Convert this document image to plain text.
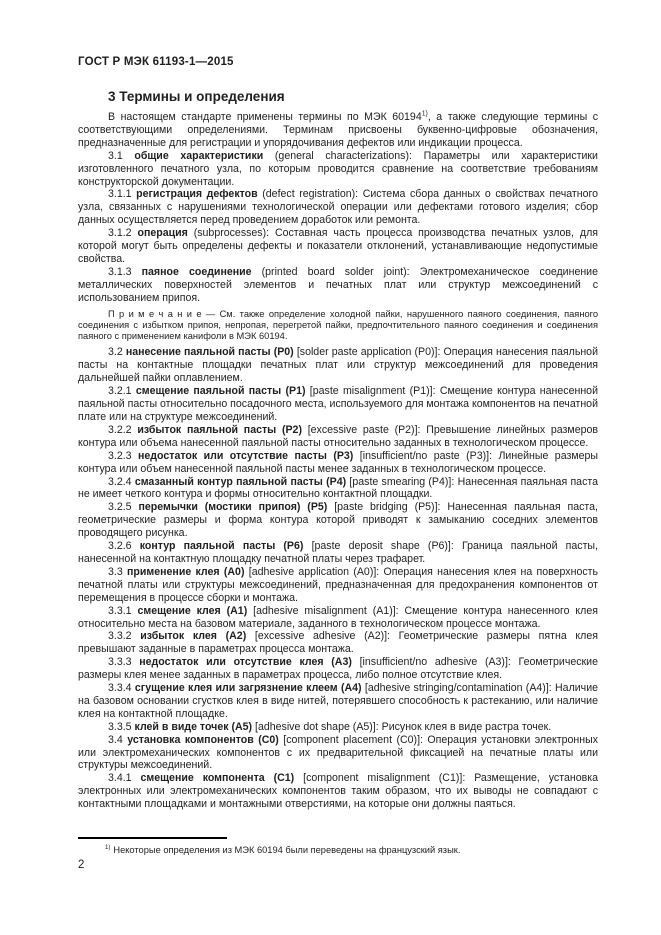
ГОСТ Р МЭК 61193-1—2015
3 Термины и определения

В настоящем стандарте применены термины по МЭК 60194$^{1)}$, а также следующие термины с соответствующими определениями. Терминам присвоены буквенно-цифровые обозначения, предназначенные для регистрации и упорядочивания дефектов или индикации процесса.

3.1 общие характеристики (general characterizations): Параметры или характеристики изготовленного печатного узла, по которым проводится сравнение на соответствие требованиям конструкторской документации.

3.1.1 регистрация дефектов (defect registration): Система сбора данных о свойствах печатного узла, связанных с нарушениями технологической операции или дефектами готового изделия; сбор данных осуществляется перед проведением доработок или ремонта.

3.1.2 операция (subprocesses): Составная часть процесса производства печатных узлов, для которой могут быть определены дефекты и показатели отклонений, устанавливающие недопустимые свойства.

3.1.3 паяное соединение (printed board solder joint): Электромеханическое соединение металлических поверхностей элементов и печатных плат или структур межсоединений с использованием припоя.

П р и м е ч а н и е — См. также определение холодной пайки, нарушенного паяного соединения, паяного соединения с избытком припоя, непропая, перегретой пайки, предпочтительного паяного соединения и соединения паяного с применением канифоли в МЭК 60194.

3.2 нанесение паяльной пасты (Р0) [solder paste application (P0)]: Операция нанесения паяльной пасты на контактные площадки печатных плат или структур межсоединений для проведения дальнейшей пайки оплавлением.

3.2.1 смещение паяльной пасты (Р1) [paste misalignment (P1)]: Смещение контура нанесенной паяльной пасты относительно посадочного места, используемого для монтажа компонентов на печатной плате или на структуре межсоединений.

3.2.2 избыток паяльной пасты (Р2) [excessive paste (P2)]: Превышение линейных размеров контура или объема нанесенной паяльной пасты относительно заданных в технологическом процессе.

3.2.3 недостаток или отсутствие пасты (Р3) [insufficient/no paste (P3)]: Линейные размеры контура или объем нанесенной паяльной пасты менее заданных в технологическом процессе.

3.2.4 смазанный контур паяльной пасты (Р4) [paste smearing (P4)]: Нанесенная паяльная паста не имеет четкого контура и формы относительно контактной площадки.

3.2.5 перемычки (мостики припоя) (Р5) [paste bridging (P5)]: Нанесенная паяльная паста, геометрические размеры и форма контура которой приводят к замыканию соседних элементов проводящего рисунка.

3.2.6 контур паяльной пасты (Р6) [paste deposit shape (P6)]: Граница паяльной пасты, нанесенной на контактную площадку печатной платы через трафарет.

3.3 применение клея (А0) [adhesive application (A0)]: Операция нанесения клея на поверхность печатной платы или структуры межсоединений, предназначенная для предохранения компонентов от перемещения в процессе сборки и монтажа.

3.3.1 смещение клея (А1) [adhesive misalignment (A1)]: Смещение контура нанесенного клея относительно места на базовом материале, заданного в технологическом процессе монтажа.

3.3.2 избыток клея (А2) [excessive adhesive (A2)]: Геометрические размеры пятна клея превышают заданные в параметрах процесса монтажа.

3.3.3 недостаток или отсутствие клея (А3) [insufficient/no adhesive (A3)]: Геометрические размеры клея менее заданных в параметрах процесса, либо полное отсутствие клея.

3.3.4 сгущение клея или загрязнение клеем (А4) [adhesive stringing/contamination (A4)]: Наличие на базовом основании сгустков клея в виде нитей, потерявшего способность к растеканию, или наличие клея на контактной площадке.

3.3.5 клей в виде точек (А5) [adhesive dot shape (A5)]: Рисунок клея в виде растра точек.

3.4 установка компонентов (С0) [component placement (C0)]: Операция установки электронных или электромеханических компонентов с их предварительной фиксацией на печатные платы или структуры межсоединений.

3.4.1 смещение компонента (С1) [component misalignment (C1)]: Размещение, установка электронных или электромеханических компонентов таким образом, что их выводы не совпадают с контактными площадками и монтажными отверстиями, на которые они должны паяться.

$^{1)}$ Некоторые определения из МЭК 60194 были переведены на французский язык.
2
